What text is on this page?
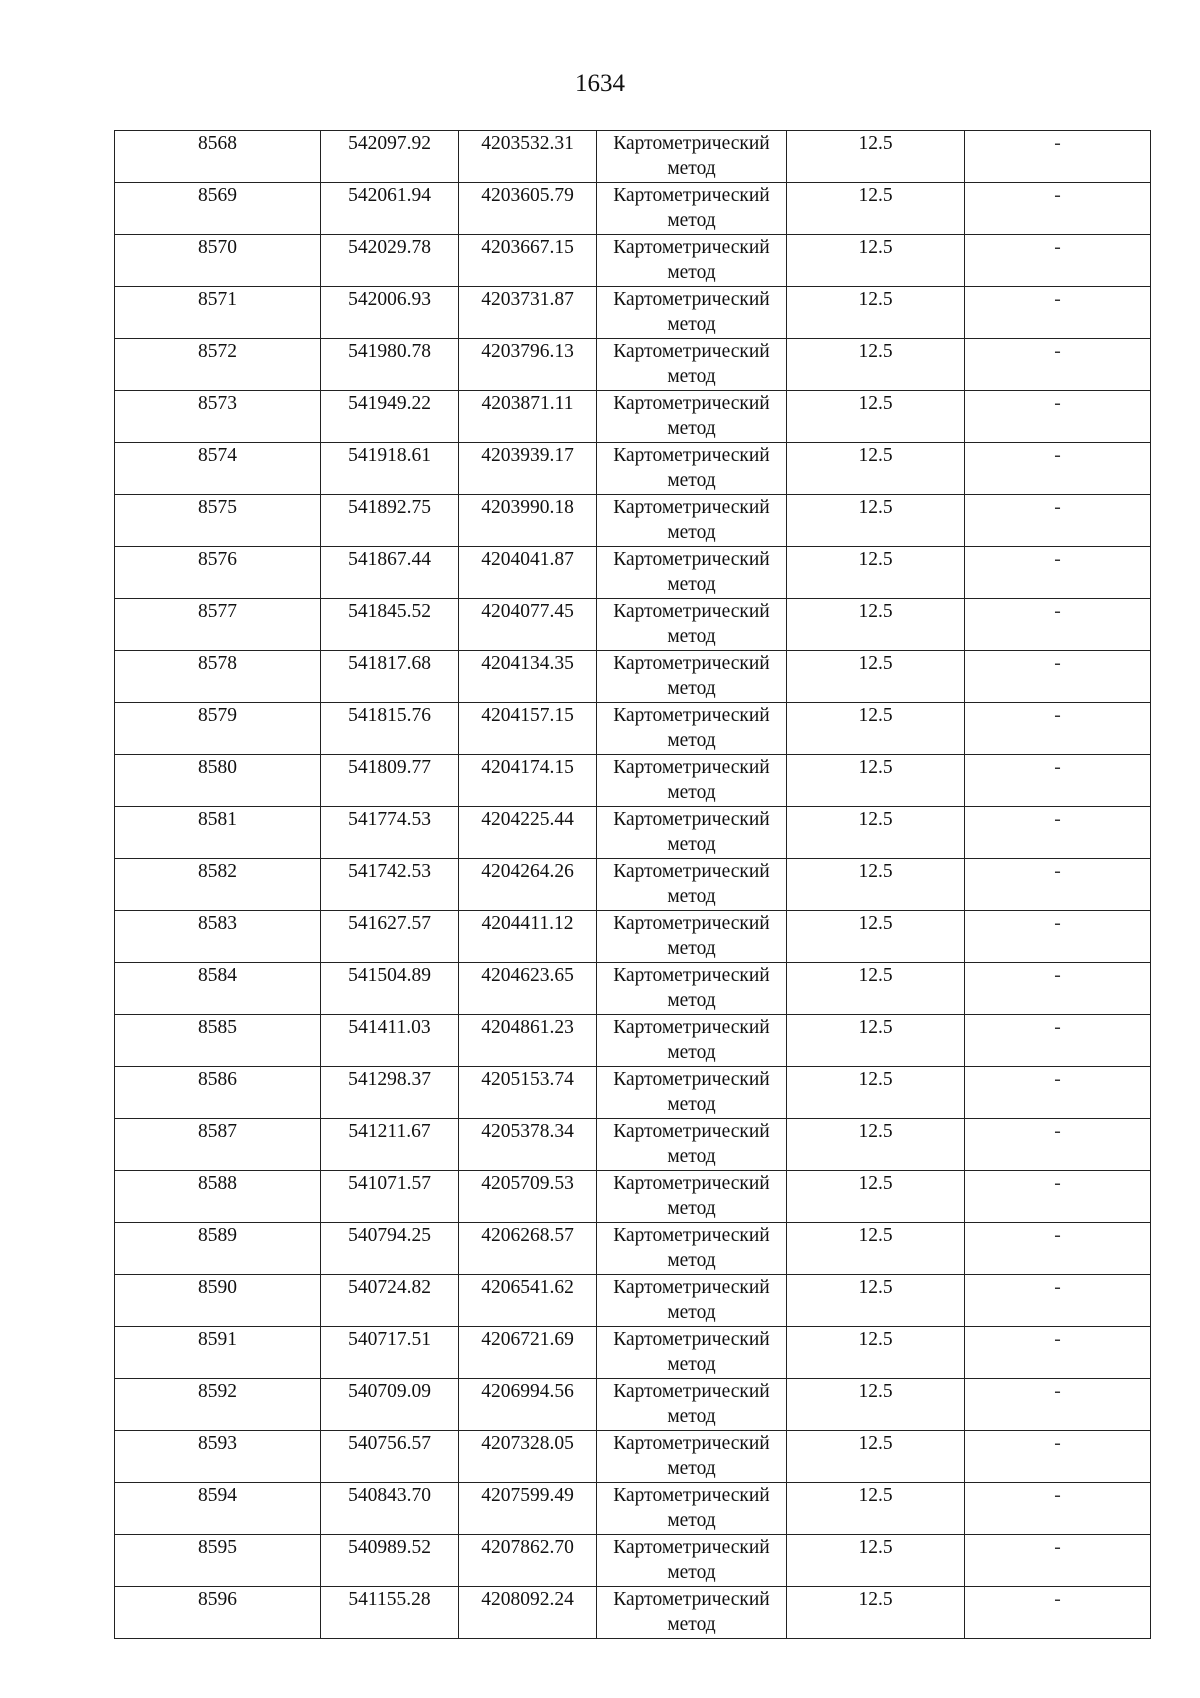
1634
8568	542097.92	4203532.31	Картометрический метод	12.5	-

8569	542061.94	4203605.79	Картометрический метод	12.5	-

8570	542029.78	4203667.15	Картометрический метод	12.5	-

8571	542006.93	4203731.87	Картометрический метод	12.5	-

8572	541980.78	4203796.13	Картометрический метод	12.5	-

8573	541949.22	4203871.11	Картометрический метод	12.5	-

8574	541918.61	4203939.17	Картометрический метод	12.5	-

8575	541892.75	4203990.18	Картометрический метод	12.5	-

8576	541867.44	4204041.87	Картометрический метод	12.5	-

8577	541845.52	4204077.45	Картометрический метод	12.5	-

8578	541817.68	4204134.35	Картометрический метод	12.5	-

8579	541815.76	4204157.15	Картометрический метод	12.5	-

8580	541809.77	4204174.15	Картометрический метод	12.5	-

8581	541774.53	4204225.44	Картометрический метод	12.5	-

8582	541742.53	4204264.26	Картометрический метод	12.5	-

8583	541627.57	4204411.12	Картометрический метод	12.5	-

8584	541504.89	4204623.65	Картометрический метод	12.5	-

8585	541411.03	4204861.23	Картометрический метод	12.5	-

8586	541298.37	4205153.74	Картометрический метод	12.5	-

8587	541211.67	4205378.34	Картометрический метод	12.5	-

8588	541071.57	4205709.53	Картометрический метод	12.5	-

8589	540794.25	4206268.57	Картометрический метод	12.5	-

8590	540724.82	4206541.62	Картометрический метод	12.5	-

8591	540717.51	4206721.69	Картометрический метод	12.5	-

8592	540709.09	4206994.56	Картометрический метод	12.5	-

8593	540756.57	4207328.05	Картометрический метод	12.5	-

8594	540843.70	4207599.49	Картометрический метод	12.5	-

8595	540989.52	4207862.70	Картометрический метод	12.5	-

8596	541155.28	4208092.24	Картометрический метод	12.5	-
